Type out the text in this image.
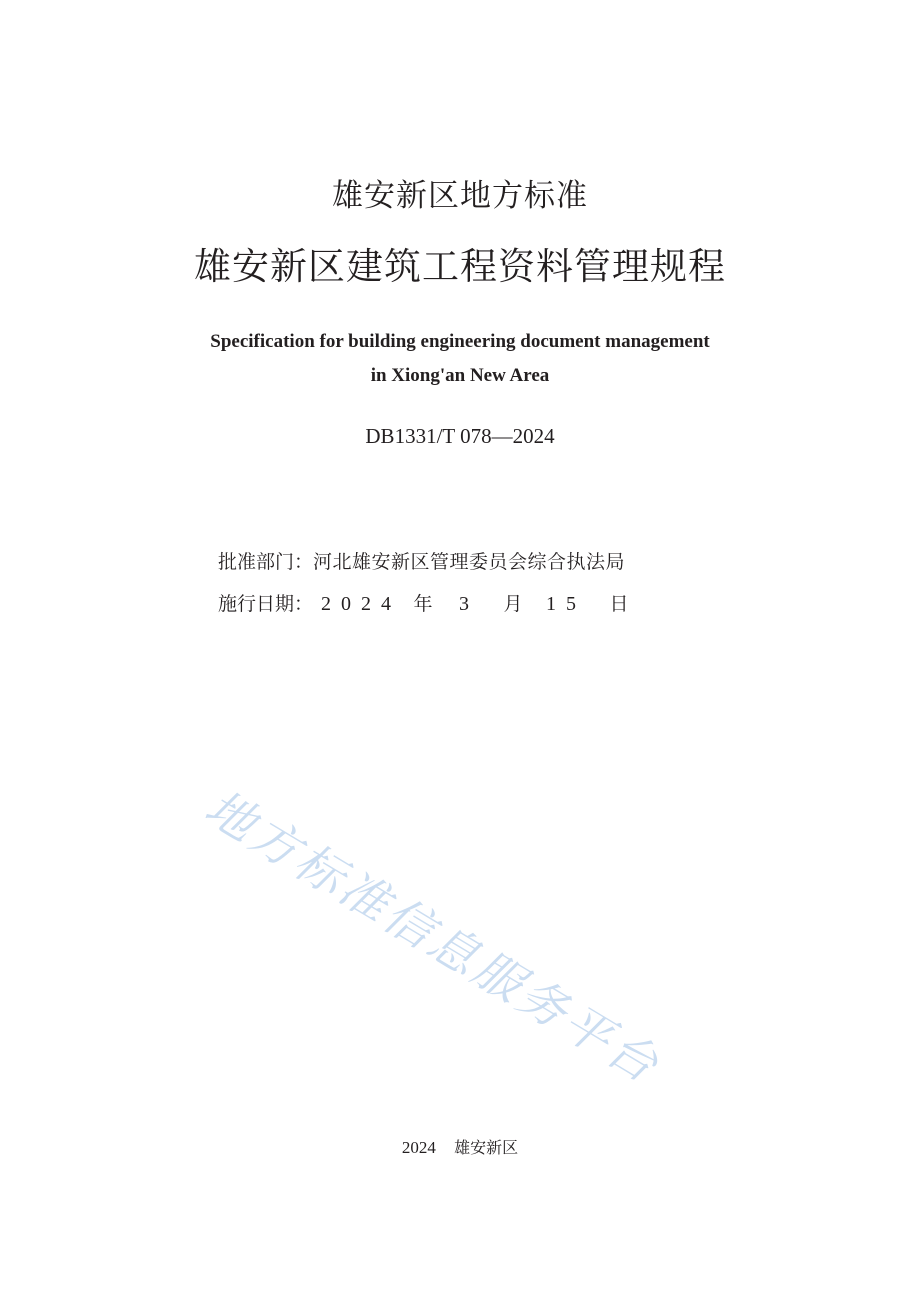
雄安新区地方标准
雄安新区建筑工程资料管理规程
Specification for building engineering document management
in Xiong'an New Area
DB1331/T 078—2024
批准部门： 河北雄安新区管理委员会综合执法局
施行日期： 2024 年	3	月	15	日
地方标准信息服务平台
2024 雄安新区
